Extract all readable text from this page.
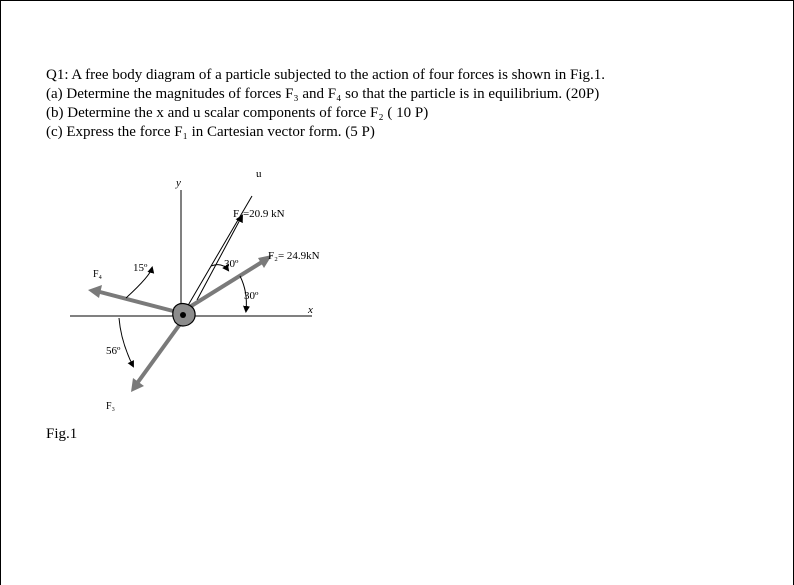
Q1: A free body diagram of a particle subjected to the action of four forces is shown in Fig.1.
(a) Determine the magnitudes of forces F₃ and F₄ so that the particle is in equilibrium. (20P)
(b) Determine the x and u scalar components of force F₂ ( 10 P)
(c) Express the force F₁ in Cartesian vector form. (5 P)
u
y
x
F₁=20.9 kN
F₂= 24.9kN
F₄
F₃
15º	30º
30º
56º
Fig.1
